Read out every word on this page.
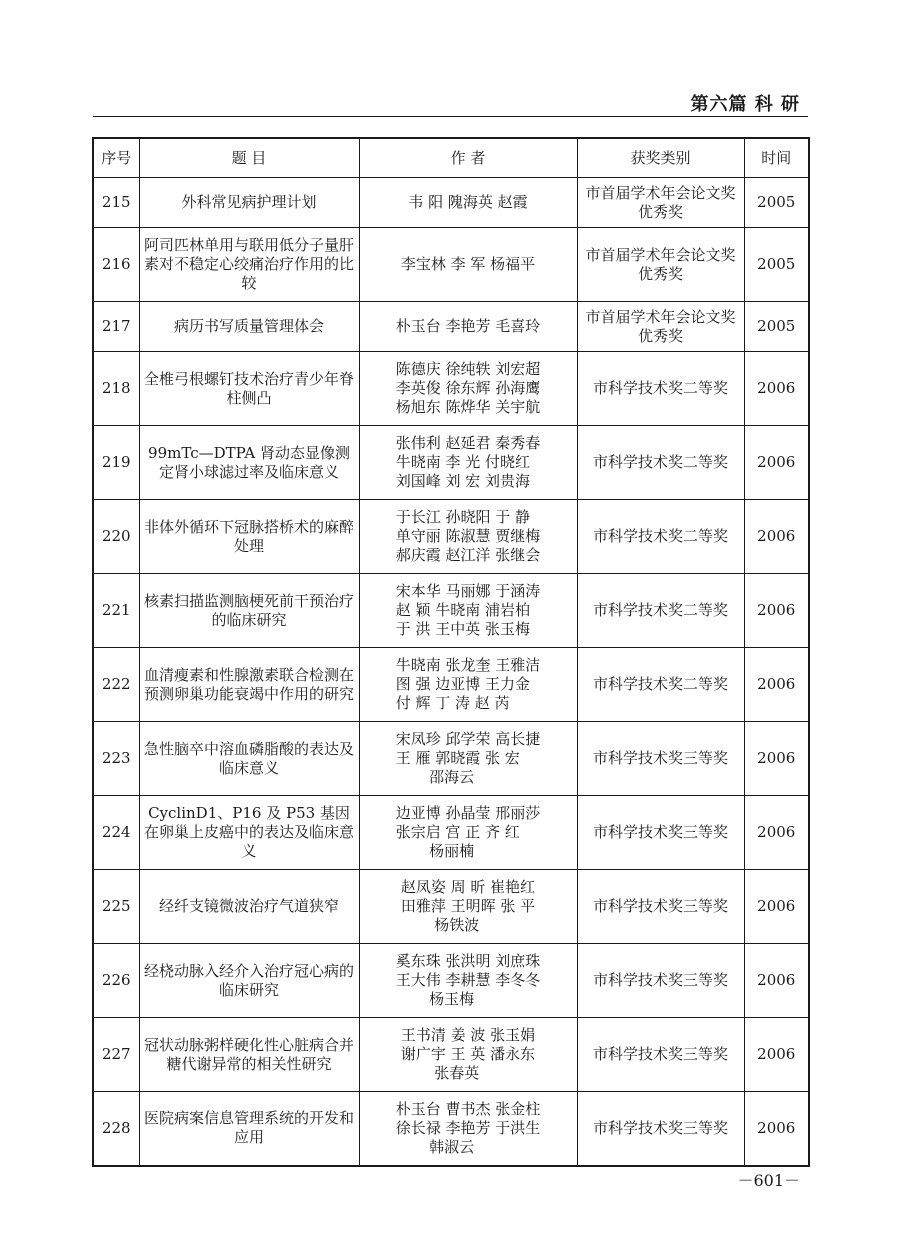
第六篇 科 研
序号	题 目	作 者	获奖类别	时间
215	外科常见病护理计划	韦 阳 隗海英 赵霞	市首届学术年会论文奖优秀奖	2005
216	阿司匹林单用与联用低分子量肝素对不稳定心绞痛治疗作用的比较	李宝林 李 军 杨福平	市首届学术年会论文奖优秀奖	2005
217	病历书写质量管理体会	朴玉台 李艳芳 毛喜玲	市首届学术年会论文奖优秀奖	2005
218	全椎弓根螺钉技术治疗青少年脊柱侧凸	陈德庆 徐纯轶 刘宏超
李英俊 徐东辉 孙海鹰
杨旭东 陈烨华 关宇航	市科学技术奖二等奖	2006
219	99mTc—DTPA 肾动态显像测定肾小球滤过率及临床意义	张伟利 赵延君 秦秀春
牛晓南 李 光 付晓红
刘国峰 刘 宏 刘贵海	市科学技术奖二等奖	2006
220	非体外循环下冠脉搭桥术的麻醉处理	于长江 孙晓阳 于 静
单守丽 陈淑慧 贾继梅
郝庆霞 赵江洋 张继会	市科学技术奖二等奖	2006
221	核素扫描监测脑梗死前干预治疗的临床研究	宋本华 马丽娜 于涵涛
赵 颖 牛晓南 浦岩柏
于 洪 王中英 张玉梅	市科学技术奖二等奖	2006
222	血清瘦素和性腺激素联合检测在预测卵巢功能衰竭中作用的研究	牛晓南 张龙奎 王雅洁
图 强 边亚博 王力金
付 辉 丁 涛 赵 芮	市科学技术奖二等奖	2006
223	急性脑卒中溶血磷脂酸的表达及临床意义	宋凤珍 邱学荣 高长捷
王 雁 郭晓霞 张 宏
邵海云	市科学技术奖三等奖	2006
224	CyclinD1、P16 及 P53 基因在卵巢上皮癌中的表达及临床意义	边亚博 孙晶莹 邢丽莎
张宗启 宫 正 齐 红
杨丽楠	市科学技术奖三等奖	2006
225	经纤支镜微波治疗气道狭窄	赵凤姿 周 昕 崔艳红
田雅萍 王明晖 张 平
杨铁波	市科学技术奖三等奖	2006
226	经桡动脉入经介入治疗冠心病的临床研究	奚东珠 张洪明 刘庶珠
王大伟 李耕慧 李冬冬
杨玉梅	市科学技术奖三等奖	2006
227	冠状动脉粥样硬化性心脏病合并糖代谢异常的相关性研究	王书清 姜 波 张玉娟
谢广宇 王 英 潘永东
张春英	市科学技术奖三等奖	2006
228	医院病案信息管理系统的开发和应用	朴玉台 曹书杰 张金柱
徐长禄 李艳芳 于洪生
韩淑云	市科学技术奖三等奖	2006
－601－
